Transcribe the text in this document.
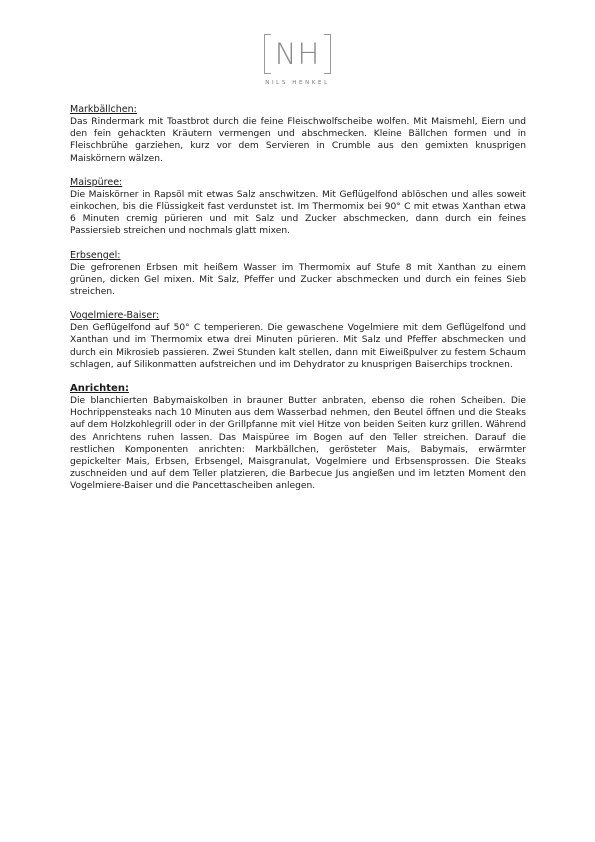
NH
NILS HENKEL

Markbällchen:

Das Rindermark mit Toastbrot durch die feine Fleischwolfscheibe wolfen. Mit Maismehl, Eiern und den fein gehackten Kräutern vermengen und abschmecken. Kleine Bällchen formen und in Fleischbrühe garziehen, kurz vor dem Servieren in Crumble aus den gemixten knusprigen Maiskörnern wälzen.

Maispüree:

Die Maiskörner in Rapsöl mit etwas Salz anschwitzen. Mit Geflügelfond ablöschen und alles soweit einkochen, bis die Flüssigkeit fast verdunstet ist. Im Thermomix bei 90° C mit etwas Xanthan etwa 6 Minuten cremig pürieren und mit Salz und Zucker abschmecken, dann durch ein feines Passiersieb streichen und nochmals glatt mixen.

Erbsengel:

Die gefrorenen Erbsen mit heißem Wasser im Thermomix auf Stufe 8 mit Xanthan zu einem grünen, dicken Gel mixen. Mit Salz, Pfeffer und Zucker abschmecken und durch ein feines Sieb streichen.

Vogelmiere-Baiser:

Den Geflügelfond auf 50° C temperieren. Die gewaschene Vogelmiere mit dem Geflügelfond und Xanthan und im Thermomix etwa drei Minuten pürieren. Mit Salz und Pfeffer abschmecken und durch ein Mikrosieb passieren. Zwei Stunden kalt stellen, dann mit Eiweißpulver zu festem Schaum schlagen, auf Silikonmatten aufstreichen und im Dehydrator zu knusprigen Baiserchips trocknen.

Anrichten:

Die blanchierten Babymaiskolben in brauner Butter anbraten, ebenso die rohen Scheiben. Die Hochrippensteaks nach 10 Minuten aus dem Wasserbad nehmen, den Beutel öffnen und die Steaks auf dem Holzkohlegrill oder in der Grillpfanne mit viel Hitze von beiden Seiten kurz grillen. Während des Anrichtens ruhen lassen. Das Maispüree im Bogen auf den Teller streichen. Darauf die restlichen Komponenten anrichten: Markbällchen, gerösteter Mais, Babymais, erwärmter gepickelter Mais, Erbsen, Erbsengel, Maisgranulat, Vogelmiere und Erbsensprossen. Die Steaks zuschneiden und auf dem Teller platzieren, die Barbecue Jus angießen und im letzten Moment den Vogelmiere-Baiser und die Pancettascheiben anlegen.
